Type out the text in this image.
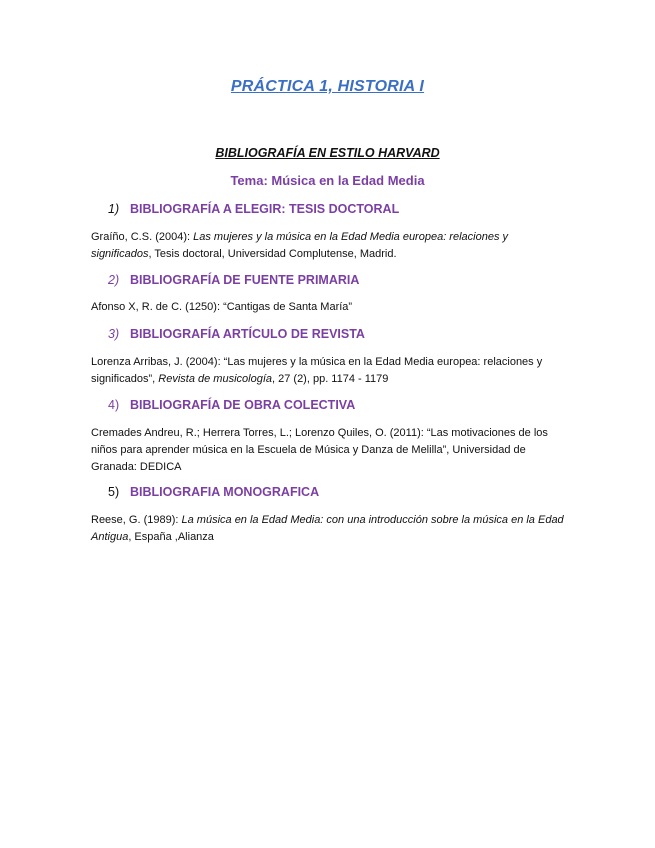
PRÁCTICA 1, HISTORIA I
BIBLIOGRAFÍA EN ESTILO HARVARD
Tema: Música en la Edad Media
1) BIBLIOGRAFÍA A ELEGIR: TESIS DOCTORAL
Graíño, C.S. (2004): Las mujeres y la música en la Edad Media europea: relaciones y significados, Tesis doctoral, Universidad Complutense, Madrid.
2) BIBLIOGRAFÍA DE FUENTE PRIMARIA
Afonso X, R. de C. (1250): “Cantigas de Santa María”
3) BIBLIOGRAFÍA ARTÍCULO DE REVISTA
Lorenza Arribas, J. (2004): “Las mujeres y la música en la Edad Media europea: relaciones y significados”, Revista de musicología, 27 (2), pp. 1174 - 1179
4) BIBLIOGRAFÍA DE OBRA COLECTIVA
Cremades Andreu, R.; Herrera Torres, L.; Lorenzo Quiles, O. (2011): “Las motivaciones de los niños para aprender música en la Escuela de Música y Danza de Melilla”, Universidad de Granada: DEDICA
5) BIBLIOGRAFIA MONOGRAFICA
Reese, G. (1989): La música en la Edad Media: con una introducción sobre la música en la Edad Antigua, España ,Alianza
